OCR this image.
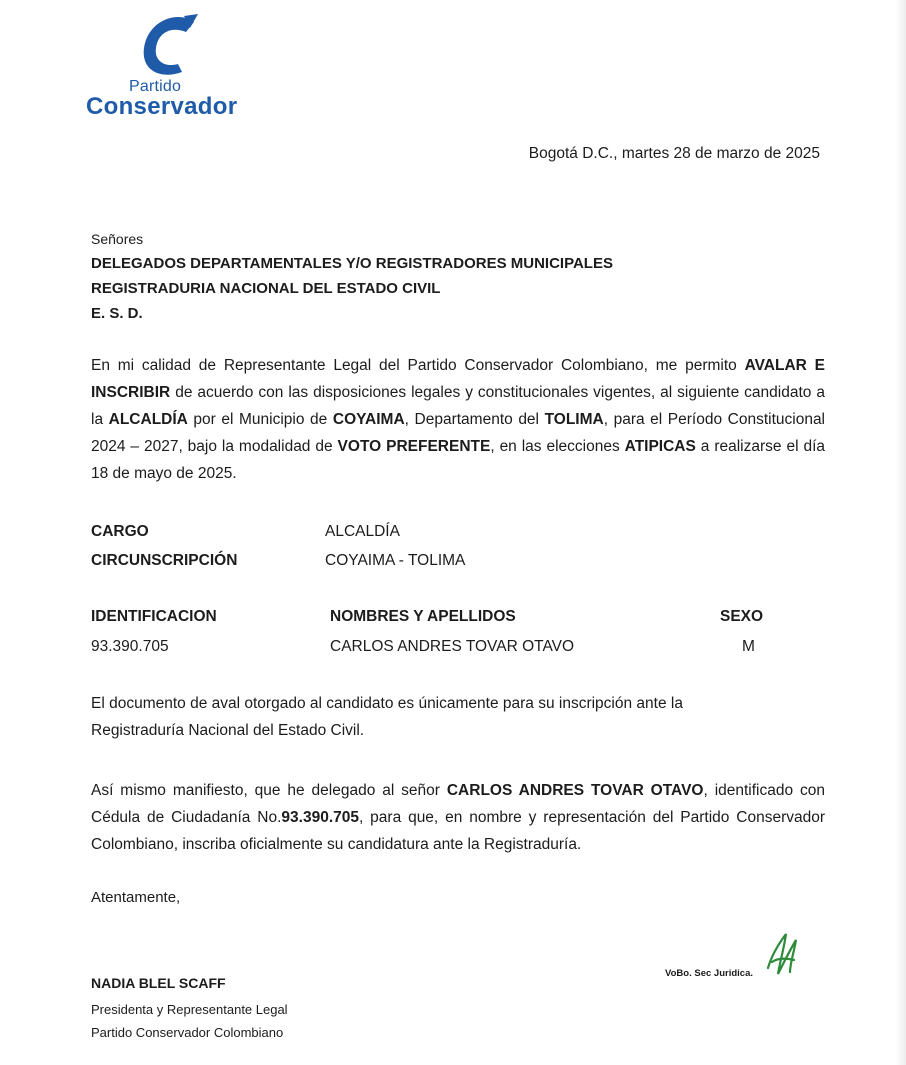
Partido
Conservador
Bogotá D.C., martes 28 de marzo de 2025
Señores
DELEGADOS DEPARTAMENTALES Y/O REGISTRADORES MUNICIPALES
REGISTRADURIA NACIONAL DEL ESTADO CIVIL
E. S. D.
En mi calidad de Representante Legal del Partido Conservador Colombiano, me permito AVALAR E INSCRIBIR de acuerdo con las disposiciones legales y constitucionales vigentes, al siguiente candidato a la ALCALDÍA por el Municipio de COYAIMA, Departamento del TOLIMA, para el Período Constitucional 2024 – 2027, bajo la modalidad de VOTO PREFERENTE, en las elecciones ATIPICAS a realizarse el día 18 de mayo de 2025.
CARGO	ALCALDÍA
CIRCUNSCRIPCIÓN	COYAIMA - TOLIMA
IDENTIFICACION	NOMBRES Y APELLIDOS	SEXO
93.390.705	CARLOS ANDRES TOVAR OTAVO	M
El documento de aval otorgado al candidato es únicamente para su inscripción ante la
Registraduría Nacional del Estado Civil.
Así mismo manifiesto, que he delegado al señor CARLOS ANDRES TOVAR OTAVO, identificado con Cédula de Ciudadanía No.93.390.705, para que, en nombre y representación del Partido Conservador Colombiano, inscriba oficialmente su candidatura ante la Registraduría.
Atentamente,
VoBo. Sec Juridica.
NADIA BLEL SCAFF
Presidenta y Representante Legal
Partido Conservador Colombiano
